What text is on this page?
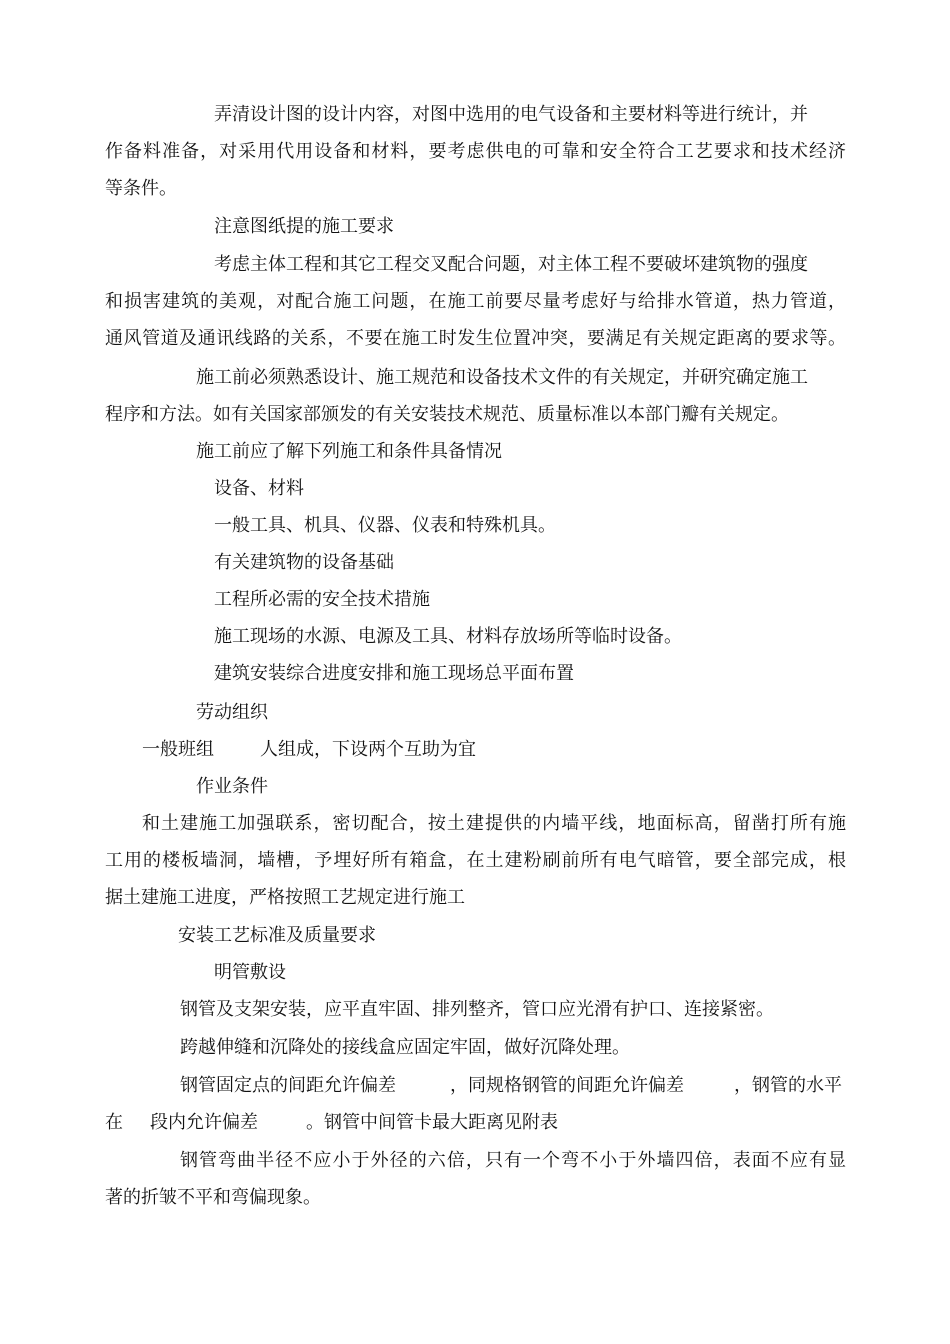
弄清设计图的设计内容，对图中选用的电气设备和主要材料等进行统计，并

作备料准备，对采用代用设备和材料，要考虑供电的可靠和安全符合工艺要求和技术经济

等条件。

注意图纸提的施工要求

考虑主体工程和其它工程交叉配合问题，对主体工程不要破坏建筑物的强度

和损害建筑的美观，对配合施工问题，在施工前要尽量考虑好与给排水管道，热力管道，

通风管道及通讯线路的关系，不要在施工时发生位置冲突，要满足有关规定距离的要求等。

施工前必须熟悉设计、施工规范和设备技术文件的有关规定，并研究确定施工

程序和方法。如有关国家部颁发的有关安装技术规范、质量标准以本部门瓣有关规定。

施工前应了解下列施工和条件具备情况

设备、材料

一般工具、机具、仪器、仪表和特殊机具。

有关建筑物的设备基础

工程所必需的安全技术措施

施工现场的水源、电源及工具、材料存放场所等临时设备。

建筑安装综合进度安排和施工现场总平面布置

劳动组织

一般班组	人组成，下设两个互助为宜

作业条件

和土建施工加强联系，密切配合，按土建提供的内墙平线，地面标高，留凿打所有施

工用的楼板墙洞，墙槽，予埋好所有箱盒，在土建粉刷前所有电气暗管，要全部完成，根

据土建施工进度，严格按照工艺规定进行施工

安装工艺标准及质量要求

明管敷设

钢管及支架安装，应平直牢固、排列整齐，管口应光滑有护口、连接紧密。

跨越伸缝和沉降处的接线盒应固定牢固，做好沉降处理。

钢管固定点的间距允许偏差	，同规格钢管的间距允许偏差	，钢管的水平

在 段内允许偏差	。钢管中间管卡最大距离见附表

钢管弯曲半径不应小于外径的六倍，只有一个弯不小于外墙四倍，表面不应有显

著的折皱不平和弯偏现象。
